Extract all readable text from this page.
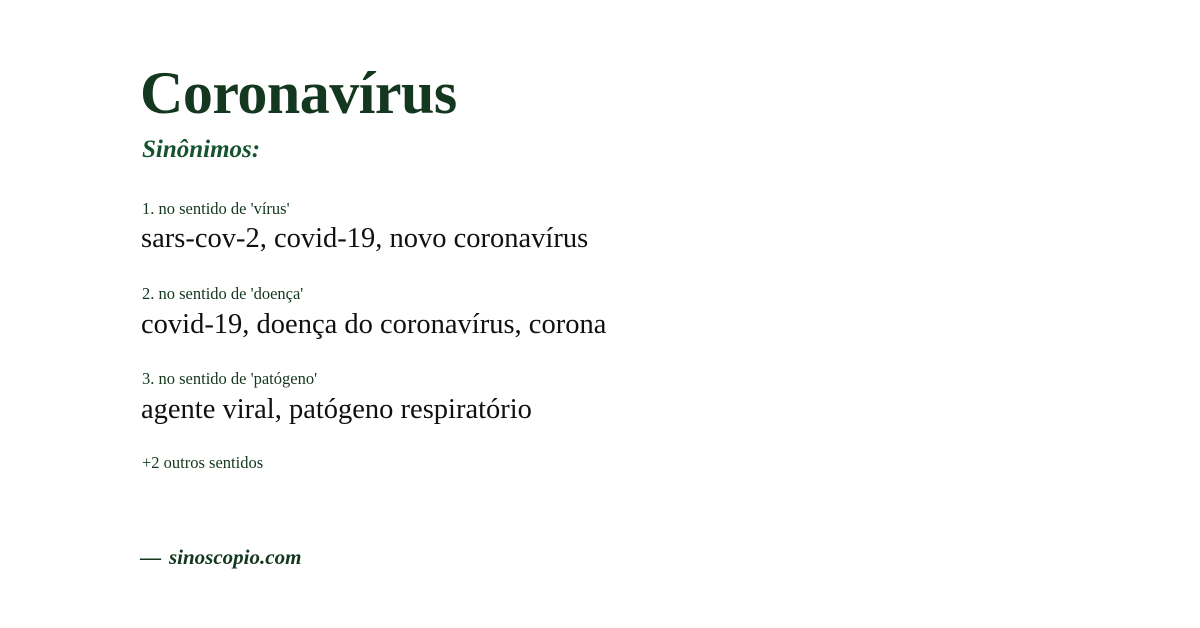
Coronavírus
Sinônimos:
1. no sentido de 'vírus'
sars-cov-2, covid-19, novo coronavírus
2. no sentido de 'doença'
covid-19, doença do coronavírus, corona
3. no sentido de 'patógeno'
agente viral, patógeno respiratório
+2 outros sentidos
— sinoscopio.com
